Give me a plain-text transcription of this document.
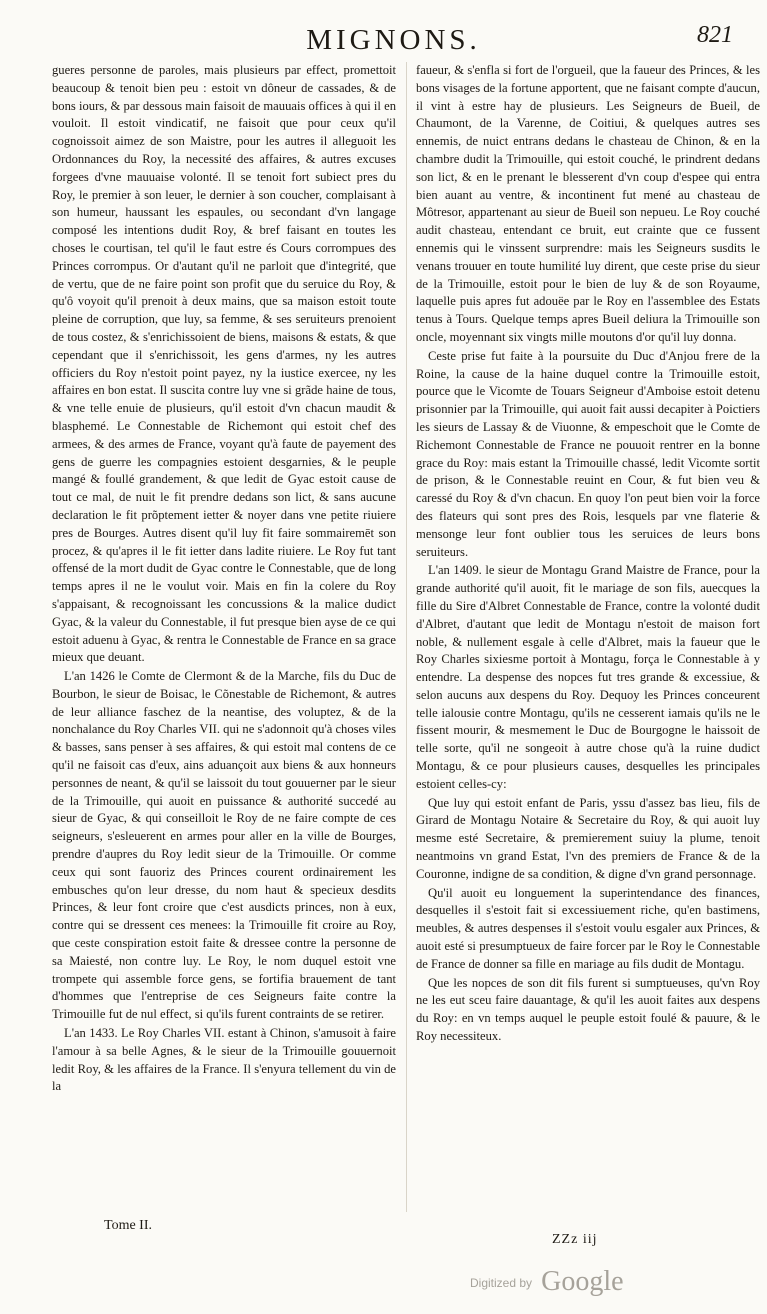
MIGNONS.	821

gueres personne de paroles, mais plusieurs par effect, promettoit beaucoup & tenoit bien peu : estoit vn dôneur de cassades, & de bons iours, & par dessous main faisoit de mauuais offices à qui il en vouloit. Il estoit vindicatif, ne faisoit que pour ceux qu'il cognoissoit aimez de son Maistre, pour les autres il alleguoit les Ordonnances du Roy, la necessité des affaires, & autres excuses forgees d'vne mauuaise volonté. Il se tenoit fort subiect pres du Roy, le premier à son leuer, le dernier à son coucher, complaisant à son humeur, haussant les espaules, ou secondant d'vn langage composé les intentions dudit Roy, & bref faisant en toutes les choses le courtisan, tel qu'il le faut estre és Cours corrompues des Princes corrompus. Or d'autant qu'il ne parloit que d'integrité, que de vertu, que de ne faire point son profit que du seruice du Roy, & qu'ô voyoit qu'il prenoit à deux mains, que sa maison estoit toute pleine de corruption, que luy, sa femme, & ses seruiteurs prenoient de tous costez, & s'enrichissoient de biens, maisons & estats, & que cependant que il s'enrichissoit, les gens d'armes, ny les autres officiers du Roy n'estoit point payez, ny la iustice exercee, ny les affaires en bon estat. Il suscita contre luy vne si grãde haine de tous, & vne telle enuie de plusieurs, qu'il estoit d'vn chacun maudit & blasphemé. Le Connestable de Richemont qui estoit chef des armees, & des armes de France, voyant qu'à faute de payement des gens de guerre les compagnies estoient desgarnies, & le peuple mangé & foullé grandement, & que ledit de Gyac estoit cause de tout ce mal, de nuit le fit prendre dedans son lict, & sans aucune declaration le fit prõptement ietter & noyer dans vne petite riuiere pres de Bourges. Autres disent qu'il luy fit faire sommairemēt son procez, & qu'apres il le fit ietter dans ladite riuiere. Le Roy fut tant offensé de la mort dudit de Gyac contre le Connestable, que de long temps apres il ne le voulut voir. Mais en fin la colere du Roy s'appaisant, & recognoissant les concussions & la malice dudict Gyac, & la valeur du Connestable, il fut presque bien ayse de ce qui estoit aduenu à Gyac, & rentra le Connestable de France en sa grace mieux que deuant.

L'an 1426 le Comte de Clermont & de la Marche, fils du Duc de Bourbon, le sieur de Boisac, le Cõnestable de Richemont, & autres de leur alliance faschez de la neantise, des voluptez, & de la nonchalance du Roy Charles VII. qui ne s'adonnoit qu'à choses viles & basses, sans penser à ses affaires, & qui estoit mal contens de ce qu'il ne faisoit cas d'eux, ains aduançoit aux biens & aux honneurs personnes de neant, & qu'il se laissoit du tout gouuerner par le sieur de la Trimouille, qui auoit en puissance & authorité succedé au sieur de Gyac, & qui conseilloit le Roy de ne faire compte de ces seigneurs, s'esleuerent en armes pour aller en la ville de Bourges, prendre d'aupres du Roy ledit sieur de la Trimouille. Or comme ceux qui sont fauoriz des Princes courent ordinairement les embusches qu'on leur dresse, du nom haut & specieux desdits Princes, & leur font croire que c'est ausdicts princes, non à eux, contre qui se dressent ces menees: la Trimouille fit croire au Roy, que ceste conspiration estoit faite & dressee contre la personne de sa Maiesté, non contre luy. Le Roy, le nom duquel estoit vne trompete qui assemble force gens, se fortifia brauement de tant d'hommes que l'entreprise de ces Seigneurs faite contre la Trimouille fut de nul effect, si qu'ils furent contraints de se retirer.

L'an 1433. Le Roy Charles VII. estant à Chinon, s'amusoit à faire l'amour à sa belle Agnes, & le sieur de la Trimouille gouuernoit ledit Roy, & les affaires de la France. Il s'enyura tellement du vin de la

faueur, & s'enfla si fort de l'orgueil, que la faueur des Princes, & les bons visages de la fortune apportent, que ne faisant compte d'aucun, il vint à estre hay de plusieurs. Les Seigneurs de Bueil, de Chaumont, de la Varenne, de Coitiui, & quelques autres ses ennemis, de nuict entrans dedans le chasteau de Chinon, & en la chambre dudit la Trimouille, qui estoit couché, le prindrent dedans son lict, & en le prenant le blesserent d'vn coup d'espee qui entra bien auant au ventre, & incontinent fut mené au chasteau de Môtresor, appartenant au sieur de Bueil son nepueu. Le Roy couché audit chasteau, entendant ce bruit, eut crainte que ce fussent ennemis qui le vinssent surprendre: mais les Seigneurs susdits le venans trouuer en toute humilité luy dirent, que ceste prise du sieur de la Trimouille, estoit pour le bien de luy & de son Royaume, laquelle puis apres fut adouëe par le Roy en l'assemblee des Estats tenus à Tours. Quelque temps apres Bueil deliura la Trimouille son oncle, moyennant six vingts mille moutons d'or qu'il luy donna.

Ceste prise fut faite à la poursuite du Duc d'Anjou frere de la Roine, la cause de la haine duquel contre la Trimouille estoit, pource que le Vicomte de Touars Seigneur d'Amboise estoit detenu prisonnier par la Trimouille, qui auoit fait aussi decapiter à Poictiers les sieurs de Lassay & de Viuonne, & empeschoit que le Comte de Richemont Connestable de France ne pouuoit rentrer en la bonne grace du Roy: mais estant la Trimouille chassé, ledit Vicomte sortit de prison, & le Connestable reuint en Cour, & fut bien veu & caressé du Roy & d'vn chacun. En quoy l'on peut bien voir la force des flateurs qui sont pres des Rois, lesquels par vne flaterie & mensonge leur font oublier tous les seruices de leurs bons seruiteurs.

L'an 1409. le sieur de Montagu Grand Maistre de France, pour la grande authorité qu'il auoit, fit le mariage de son fils, auecques la fille du Sire d'Albret Connestable de France, contre la volonté dudit d'Albret, d'autant que ledit de Montagu n'estoit de maison fort noble, & nullement esgale à celle d'Albret, mais la faueur que le Roy Charles sixiesme portoit à Montagu, força le Connestable à y entendre. La despense des nopces fut tres grande & excessiue, & selon aucuns aux despens du Roy. Dequoy les Princes conceurent telle ialousie contre Montagu, qu'ils ne cesserent iamais qu'ils ne le fissent mourir, & mesmement le Duc de Bourgogne le haissoit de telle sorte, qu'il ne songeoit à autre chose qu'à la ruine dudict Montagu, & ce pour plusieurs causes, desquelles les principales estoient celles-cy:

Que luy qui estoit enfant de Paris, yssu d'assez bas lieu, fils de Girard de Montagu Notaire & Secretaire du Roy, & qui auoit luy mesme esté Secretaire, & premierement suiuy la plume, tenoit neantmoins vn grand Estat, l'vn des premiers de France & de la Couronne, indigne de sa condition, & digne d'vn grand personnage.

Qu'il auoit eu longuement la superintendance des finances, desquelles il s'estoit fait si excessiuement riche, qu'en bastimens, meubles, & autres despenses il s'estoit voulu esgaler aux Princes, & auoit esté si presumptueux de faire forcer par le Roy le Connestable de France de donner sa fille en mariage au fils dudit de Montagu.

Que les nopces de son dit fils furent si sumptueuses, qu'vn Roy ne les eut sceu faire dauantage, & qu'il les auoit faites aux despens du Roy: en vn temps auquel le peuple estoit foulé & pauure, & le Roy necessiteux.

Tome II.
ZZz iij
Digitized by Google
